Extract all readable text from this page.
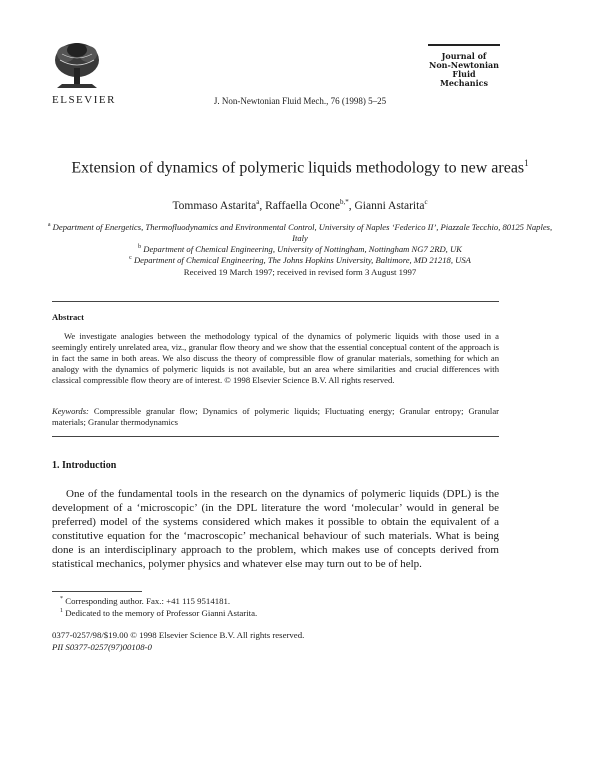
ELSEVIER	J. Non-Newtonian Fluid Mech., 76 (1998) 5–25
Journal of
Non-Newtonian
Fluid
Mechanics
Extension of dynamics of polymeric liquids methodology to new areas$^1$
Tommaso Astarita$^a$, Raffaella Ocone$^{b,*}$, Gianni Astarita$^c$
$^a$ Department of Energetics, Thermofluodynamics and Environmental Control, University of Naples ‘Federico II’, Piazzale Tecchio, 80125 Naples, Italy
$^b$ Department of Chemical Engineering, University of Nottingham, Nottingham NG7 2RD, UK
$^c$ Department of Chemical Engineering, The Johns Hopkins University, Baltimore, MD 21218, USA
Received 19 March 1997; received in revised form 3 August 1997
Abstract
We investigate analogies between the methodology typical of the dynamics of polymeric liquids with those used in a seemingly entirely unrelated area, viz., granular flow theory and we show that the essential conceptual content of the approach is in fact the same in both areas. We also discuss the theory of compressible flow of granular materials, something for which an analogy with the dynamics of polymeric liquids is not available, but an area where similarities and crucial differences with classical compressible flow theory are of interest. © 1998 Elsevier Science B.V. All rights reserved.
Keywords: Compressible granular flow; Dynamics of polymeric liquids; Fluctuating energy; Granular entropy; Granular materials; Granular thermodynamics
1. Introduction
One of the fundamental tools in the research on the dynamics of polymeric liquids (DPL) is the development of a ‘microscopic’ (in the DPL literature the word ‘molecular’ would in general be preferred) model of the systems considered which makes it possible to obtain the equivalent of a constitutive equation for the ‘macroscopic’ mechanical behaviour of such materials. What is being done is an interdisciplinary approach to the problem, which makes use of concepts derived from statistical mechanics, polymer physics and whatever else may turn out to be of help.
* Corresponding author. Fax.: +41 115 9514181.
$^1$ Dedicated to the memory of Professor Gianni Astarita.
0377-0257/98/$19.00 © 1998 Elsevier Science B.V. All rights reserved.
PII S0377-0257(97)00108-0
